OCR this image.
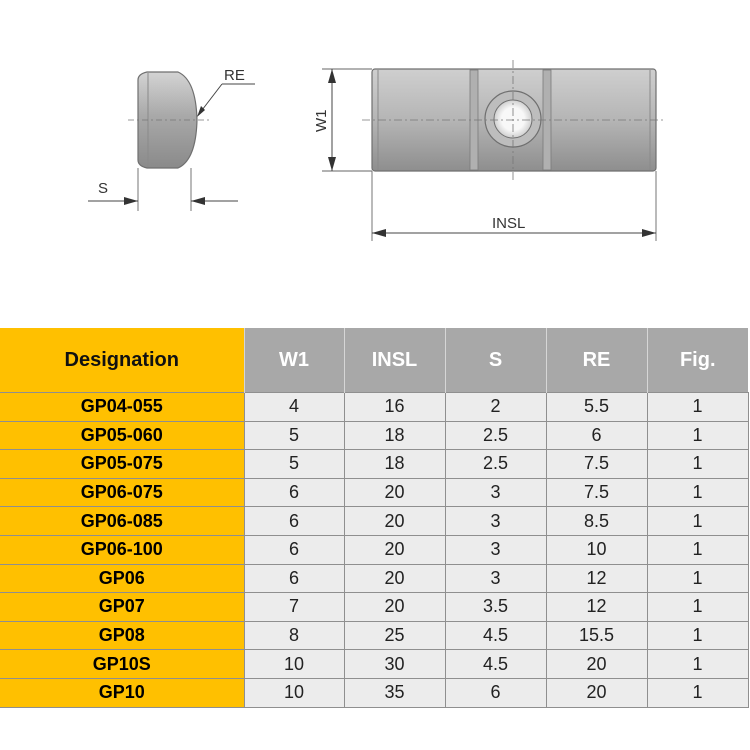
RE
S
W1
INSL
Designation	W1	INSL	S	RE	Fig.
GP04-055	4	16	2	5.5	1
GP05-060	5	18	2.5	6	1
GP05-075	5	18	2.5	7.5	1
GP06-075	6	20	3	7.5	1
GP06-085	6	20	3	8.5	1
GP06-100	6	20	3	10	1
GP06	6	20	3	12	1
GP07	7	20	3.5	12	1
GP08	8	25	4.5	15.5	1
GP10S	10	30	4.5	20	1
GP10	10	35	6	20	1
